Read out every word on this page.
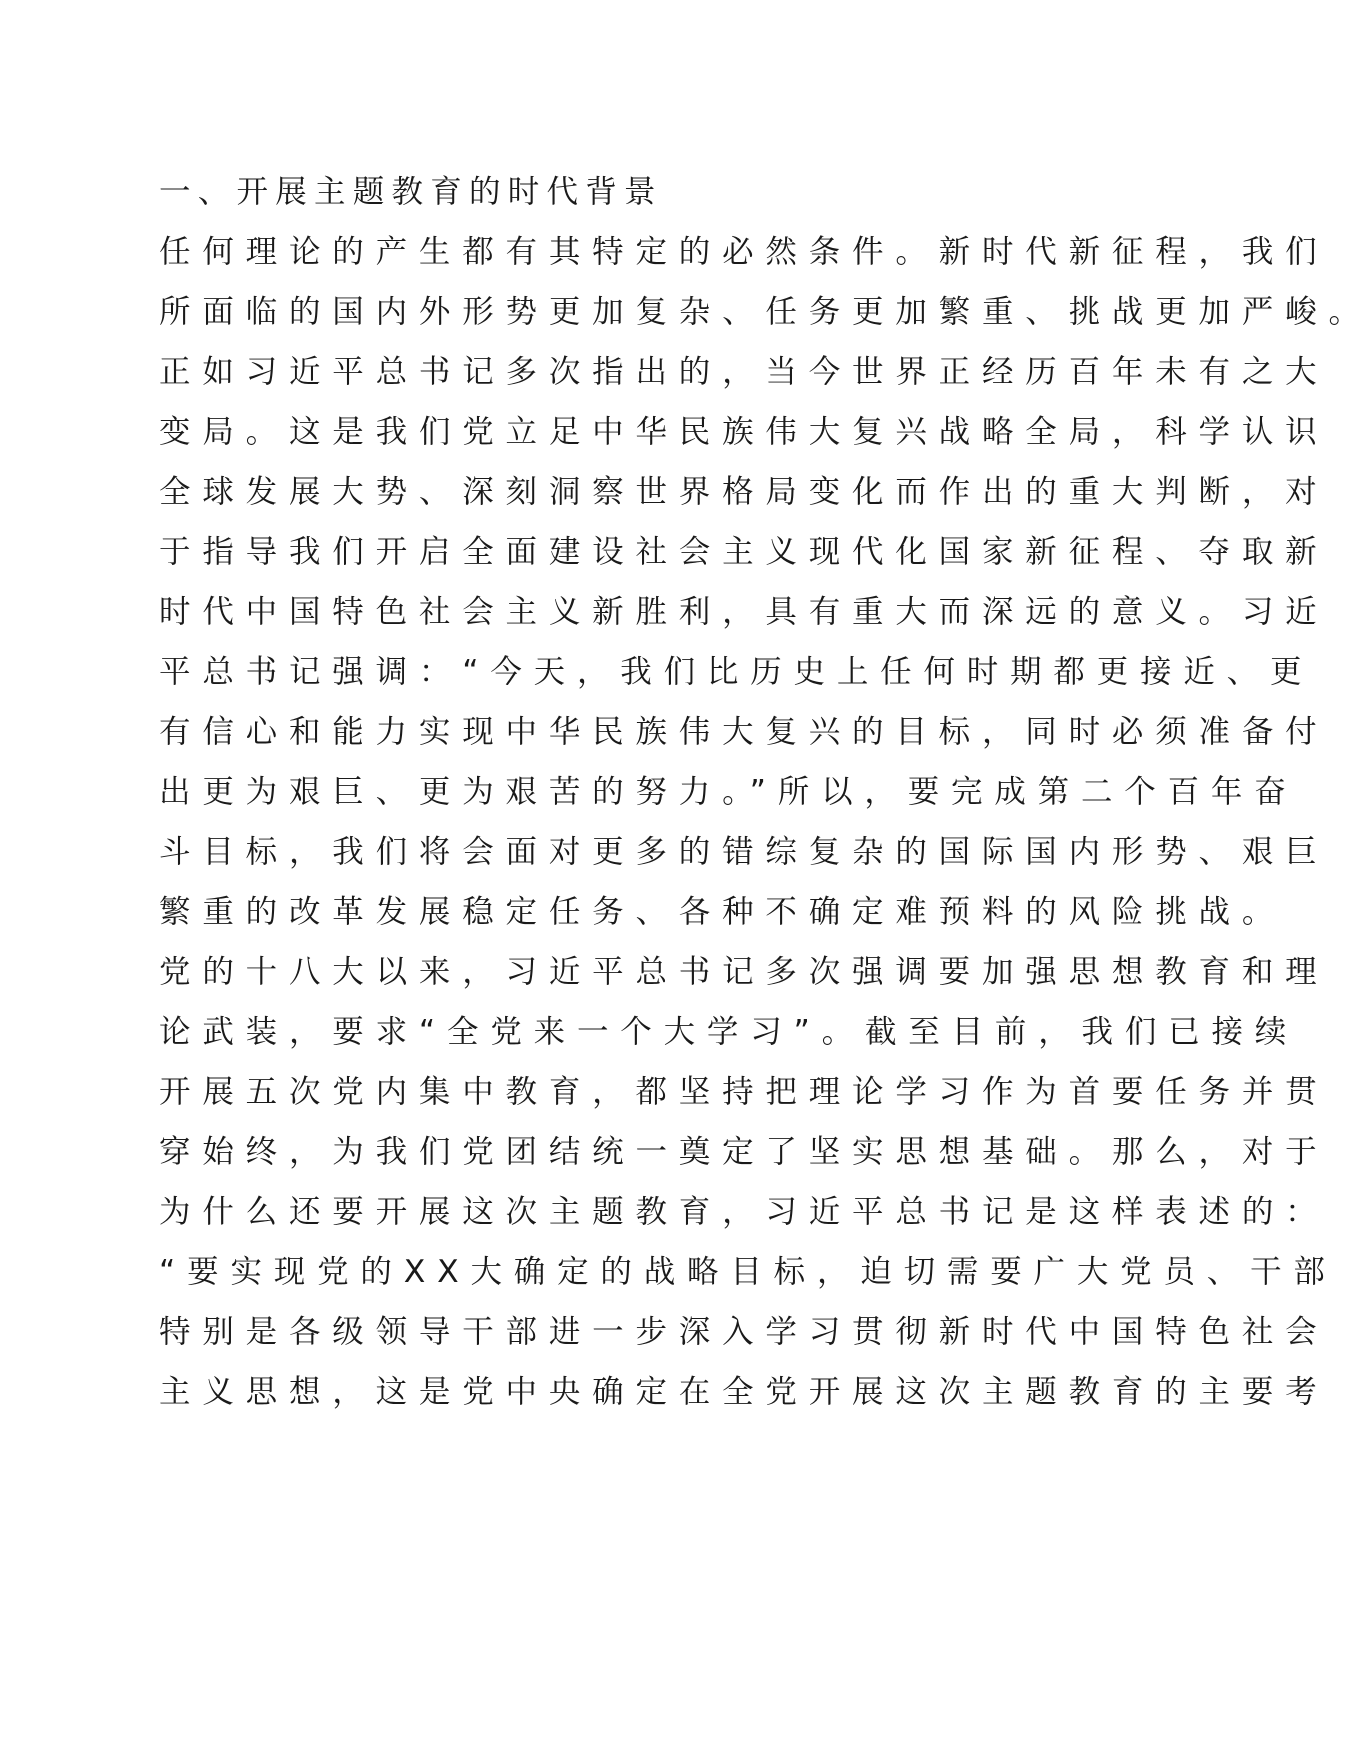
一、开展主题教育的时代背景
任何理论的产生都有其特定的必然条件。新时代新征程，我们
所面临的国内外形势更加复杂、任务更加繁重、挑战更加严峻。
正如习近平总书记多次指出的，当今世界正经历百年未有之大
变局。这是我们党立足中华民族伟大复兴战略全局，科学认识
全球发展大势、深刻洞察世界格局变化而作出的重大判断，对
于指导我们开启全面建设社会主义现代化国家新征程、夺取新
时代中国特色社会主义新胜利，具有重大而深远的意义。习近
平总书记强调：“今天，我们比历史上任何时期都更接近、更
有信心和能力实现中华民族伟大复兴的目标，同时必须准备付
出更为艰巨、更为艰苦的努力。”所以，要完成第二个百年奋
斗目标，我们将会面对更多的错综复杂的国际国内形势、艰巨
繁重的改革发展稳定任务、各种不确定难预料的风险挑战。
党的十八大以来，习近平总书记多次强调要加强思想教育和理
论武装，要求“全党来一个大学习”。截至目前，我们已接续
开展五次党内集中教育，都坚持把理论学习作为首要任务并贯
穿始终，为我们党团结统一奠定了坚实思想基础。那么，对于
为什么还要开展这次主题教育，习近平总书记是这样表述的：
“要实现党的XX大确定的战略目标，迫切需要广大党员、干部
特别是各级领导干部进一步深入学习贯彻新时代中国特色社会
主义思想，这是党中央确定在全党开展这次主题教育的主要考
